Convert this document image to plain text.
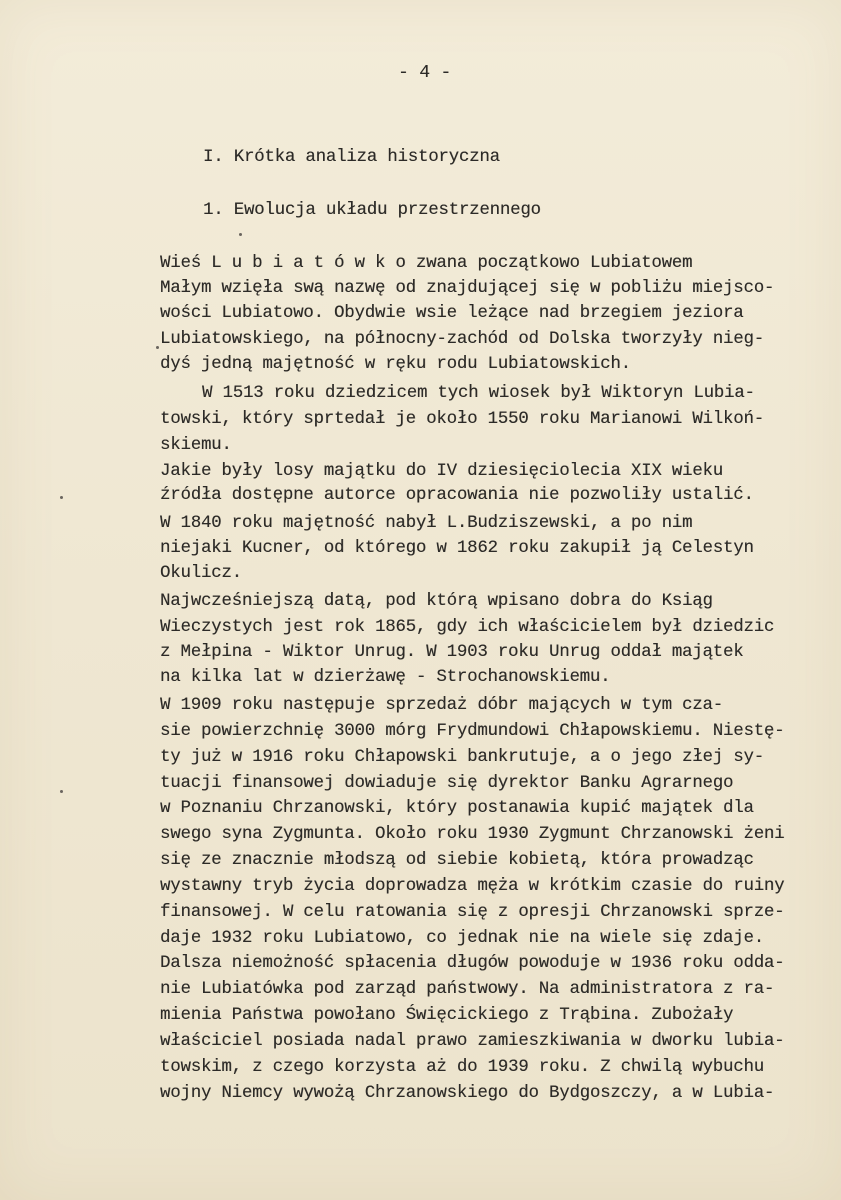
- 4 -
I. Krótka analiza historyczna
1. Ewolucja układu przestrzennego
Wieś L u b i a t ó w k o zwana początkowo Lubiatowem
Małym wzięła swą nazwę od znajdującej się w pobliżu miejsco-
wości Lubiatowo. Obydwie wsie leżące nad brzegiem jeziora
Lubiatowskiego, na północny-zachód od Dolska tworzyły nieg-
dyś jedną majętność w ręku rodu Lubiatowskich.
W 1513 roku dziedzicem tych wiosek był Wiktoryn Lubia-
towski, który sprtedał je około 1550 roku Marianowi Wilkoń-
skiemu.
Jakie były losy majątku do IV dziesięciolecia XIX wieku
źródła dostępne autorce opracowania nie pozwoliły ustalić.
W 1840 roku majętność nabył L.Budziszewski, a po nim
niejaki Kucner, od którego w 1862 roku zakupił ją Celestyn
Okulicz.
Najwcześniejszą datą, pod którą wpisano dobra do Ksiąg
Wieczystych jest rok 1865, gdy ich właścicielem był dziedzic
z Mełpina - Wiktor Unrug. W 1903 roku Unrug oddał majątek
na kilka lat w dzierżawę - Strochanowskiemu.
W 1909 roku następuje sprzedaż dóbr mających w tym cza-
sie powierzchnię 3000 mórg Frydmundowi Chłapowskiemu. Niestę-
ty już w 1916 roku Chłapowski bankrutuje, a o jego złej sy-
tuacji finansowej dowiaduje się dyrektor Banku Agrarnego
w Poznaniu Chrzanowski, który postanawia kupić majątek dla
swego syna Zygmunta. Około roku 1930 Zygmunt Chrzanowski żeni
się ze znacznie młodszą od siebie kobietą, która prowadząc
wystawny tryb życia doprowadza męża w krótkim czasie do ruiny
finansowej. W celu ratowania się z opresji Chrzanowski sprze-
daje 1932 roku Lubiatowo, co jednak nie na wiele się zdaje.
Dalsza niemożność spłacenia długów powoduje w 1936 roku odda-
nie Lubiatówka pod zarząd państwowy. Na administratora z ra-
mienia Państwa powołano Święcickiego z Trąbina. Zubożały
właściciel posiada nadal prawo zamieszkiwania w dworku lubia-
towskim, z czego korzysta aż do 1939 roku. Z chwilą wybuchu
wojny Niemcy wywożą Chrzanowskiego do Bydgoszczy, a w Lubia-
